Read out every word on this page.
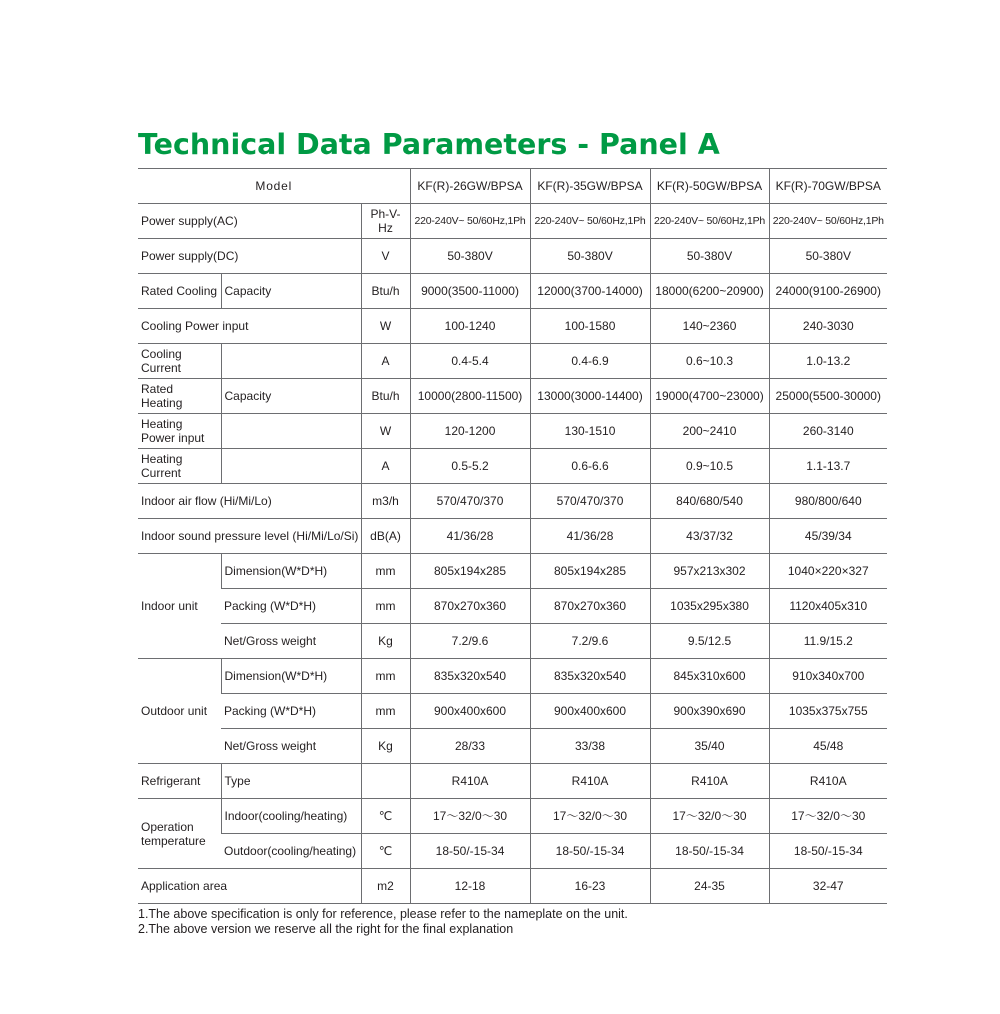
Technical Data Parameters - Panel A
Model			KF(R)-26GW/BPSA	KF(R)-35GW/BPSA	KF(R)-50GW/BPSA	KF(R)-70GW/BPSA
Power supply(AC)		Ph-V-Hz	220-240V~ 50/60Hz,1Ph	220-240V~ 50/60Hz,1Ph	220-240V~ 50/60Hz,1Ph	220-240V~ 50/60Hz,1Ph
Power supply(DC)		V	50-380V	50-380V	50-380V	50-380V
Rated Cooling	Capacity	Btu/h	9000(3500-11000)	12000(3700-14000)	18000(6200~20900)	24000(9100-26900)
Cooling Power input		W	100-1240	100-1580	140~2360	240-3030
Cooling Current		A	0.4-5.4	0.4-6.9	0.6~10.3	1.0-13.2
Rated Heating	Capacity	Btu/h	10000(2800-11500)	13000(3000-14400)	19000(4700~23000)	25000(5500-30000)
Heating Power input		W	120-1200	130-1510	200~2410	260-3140
Heating Current		A	0.5-5.2	0.6-6.6	0.9~10.5	1.1-13.7
Indoor air flow (Hi/Mi/Lo)		m3/h	570/470/370	570/470/370	840/680/540	980/800/640
Indoor sound pressure level (Hi/Mi/Lo/Si)		dB(A)	41/36/28	41/36/28	43/37/32	45/39/34
Indoor unit	Dimension(W*D*H)	mm	805x194x285	805x194x285	957x213x302	1040×220×327
	Packing (W*D*H)	mm	870x270x360	870x270x360	1035x295x380	1120x405x310
	Net/Gross weight	Kg	7.2/9.6	7.2/9.6	9.5/12.5	11.9/15.2
Outdoor unit	Dimension(W*D*H)	mm	835x320x540	835x320x540	845x310x600	910x340x700
	Packing (W*D*H)	mm	900x400x600	900x400x600	900x390x690	1035x375x755
	Net/Gross weight	Kg	28/33	33/38	35/40	45/48
Refrigerant	Type		R410A	R410A	R410A	R410A
Operation temperature	Indoor(cooling/heating)	℃	17～32/0～30	17～32/0～30	17～32/0～30	17～32/0～30
	Outdoor(cooling/heating)	℃	18-50/-15-34	18-50/-15-34	18-50/-15-34	18-50/-15-34
Application area		m2	12-18	16-23	24-35	32-47
1.The above specification is only for reference, please refer to the nameplate on the unit.
2.The above version we reserve all the right for the final explanation
